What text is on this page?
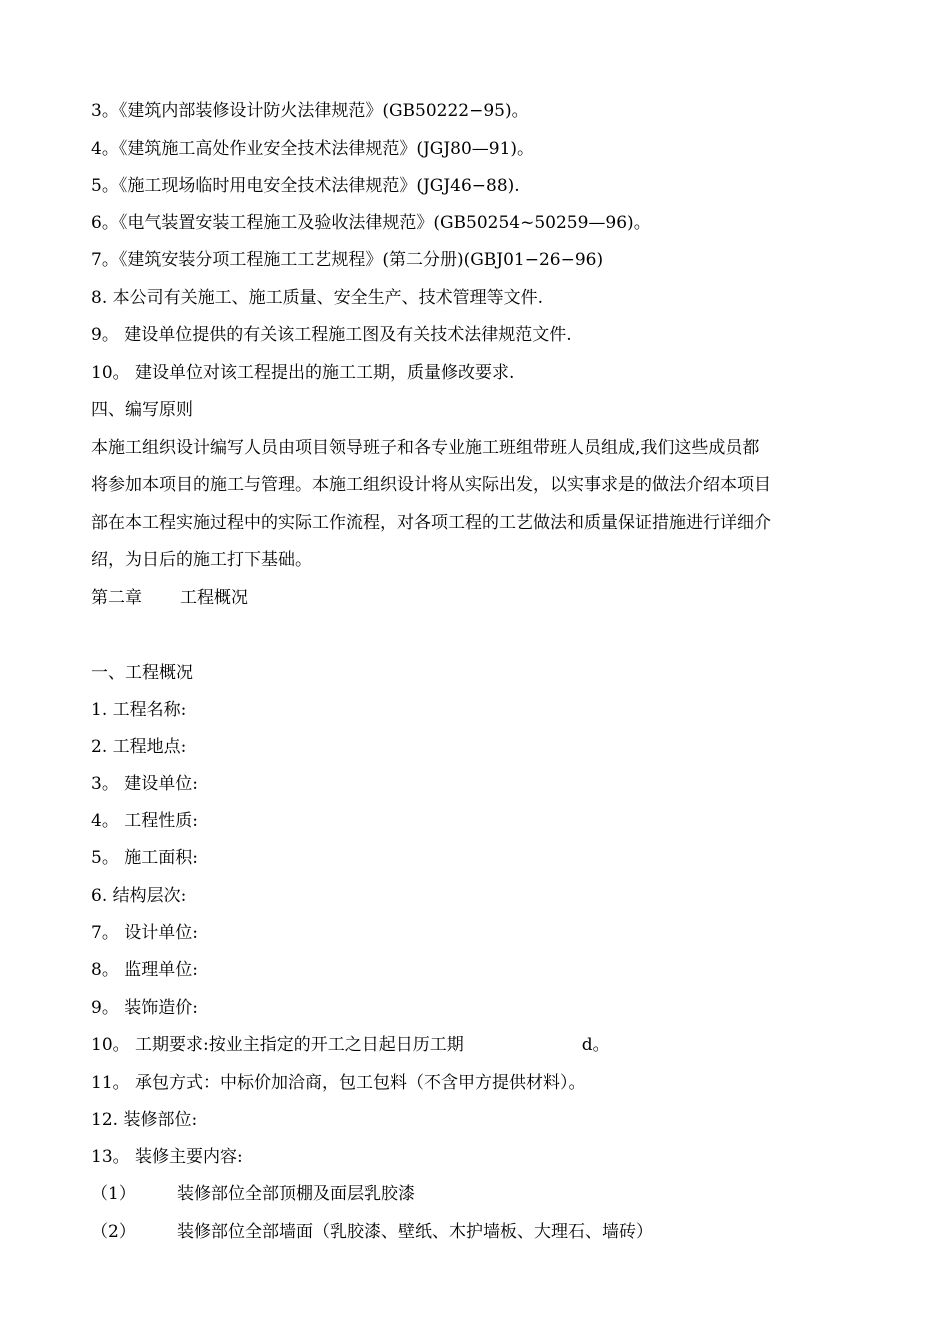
3。《建筑内部装修设计防火法律规范》(GB50222−95)。
4。《建筑施工高处作业安全技术法律规范》(JGJ80—91)。
5。《施工现场临时用电安全技术法律规范》(JGJ46−88).
6。《电气装置安装工程施工及验收法律规范》(GB50254~50259—96)。
7。《建筑安装分项工程施工工艺规程》(第二分册)(GBJ01−26−96)
8. 本公司有关施工、施工质量、安全生产、技术管理等文件.
9。 建设单位提供的有关该工程施工图及有关技术法律规范文件.
10。 建设单位对该工程提出的施工工期，质量修改要求.
四、编写原则
本施工组织设计编写人员由项目领导班子和各专业施工班组带班人员组成,我们这些成员都
将参加本项目的施工与管理。本施工组织设计将从实际出发，以实事求是的做法介绍本项目
部在本工程实施过程中的实际工作流程，对各项工程的工艺做法和质量保证措施进行详细介
绍，为日后的施工打下基础。
第二章 工程概况
一、工程概况
1. 工程名称:
2. 工程地点:
3。 建设单位:
4。 工程性质:
5。 施工面积:
6. 结构层次:
7。 设计单位:
8。 监理单位:
9。 装饰造价:
10。 工期要求:按业主指定的开工之日起日历工期	d。
11。 承包方式：中标价加洽商，包工包料（不含甲方提供材料）。
12. 装修部位:
13。 装修主要内容:
（1） 装修部位全部顶棚及面层乳胶漆
（2） 装修部位全部墙面（乳胶漆、壁纸、木护墙板、大理石、墙砖）
